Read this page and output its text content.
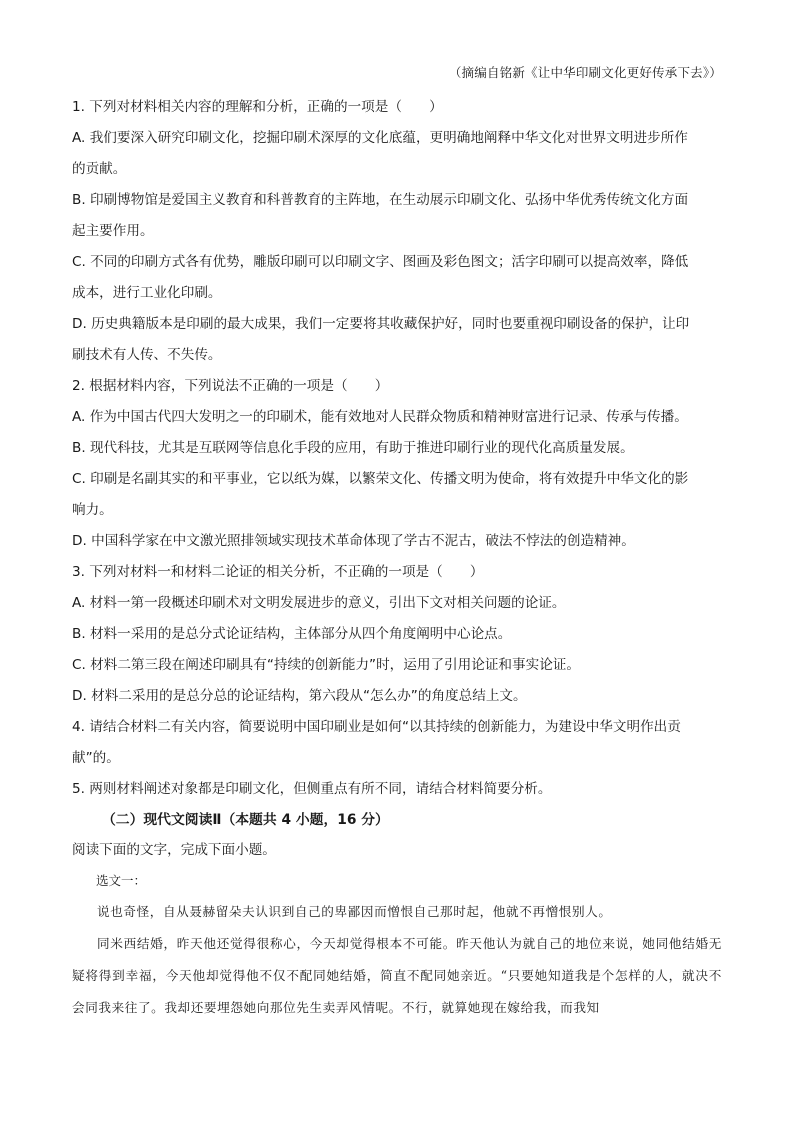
（摘编自铭新《让中华印刷文化更好传承下去》）
1. 下列对材料相关内容的理解和分析，正确的一项是（　　）
A. 我们要深入研究印刷文化，挖掘印刷术深厚的文化底蕴，更明确地阐释中华文化对世界文明进步所作
的贡献。
B. 印刷博物馆是爱国主义教育和科普教育的主阵地，在生动展示印刷文化、弘扬中华优秀传统文化方面
起主要作用。
C. 不同的印刷方式各有优势，雕版印刷可以印刷文字、图画及彩色图文；活字印刷可以提高效率，降低
成本，进行工业化印刷。
D. 历史典籍版本是印刷的最大成果，我们一定要将其收藏保护好，同时也要重视印刷设备的保护，让印
刷技术有人传、不失传。
2. 根据材料内容，下列说法不正确的一项是（　　）
A. 作为中国古代四大发明之一的印刷术，能有效地对人民群众物质和精神财富进行记录、传承与传播。
B. 现代科技，尤其是互联网等信息化手段的应用，有助于推进印刷行业的现代化高质量发展。
C. 印刷是名副其实的和平事业，它以纸为媒，以繁荣文化、传播文明为使命，将有效提升中华文化的影
响力。
D. 中国科学家在中文激光照排领域实现技术革命体现了学古不泥古，破法不悖法的创造精神。
3. 下列对材料一和材料二论证的相关分析，不正确的一项是（　　）
A. 材料一第一段概述印刷术对文明发展进步的意义，引出下文对相关问题的论证。
B. 材料一采用的是总分式论证结构，主体部分从四个角度阐明中心论点。
C. 材料二第三段在阐述印刷具有“持续的创新能力”时，运用了引用论证和事实论证。
D. 材料二采用的是总分总的论证结构，第六段从“怎么办”的角度总结上文。
4. 请结合材料二有关内容，简要说明中国印刷业是如何“以其持续的创新能力，为建设中华文明作出贡
献”的。
5. 两则材料阐述对象都是印刷文化，但侧重点有所不同，请结合材料简要分析。
（二）现代文阅读Ⅱ（本题共 4 小题，16 分）
阅读下面的文字，完成下面小题。
选文一：
说也奇怪，自从聂赫留朵夫认识到自己的卑鄙因而憎恨自己那时起，他就不再憎恨别人。
同米西结婚，昨天他还觉得很称心，今天却觉得根本不可能。昨天他认为就自己的地位来说，她同他结婚无疑将得到幸福，今天他却觉得他不仅不配同她结婚，简直不配同她亲近。“只要她知道我是个怎样的人，就决不会同我来往了。我却还要埋怨她向那位先生卖弄风情呢。不行，就算她现在嫁给我，而我知
